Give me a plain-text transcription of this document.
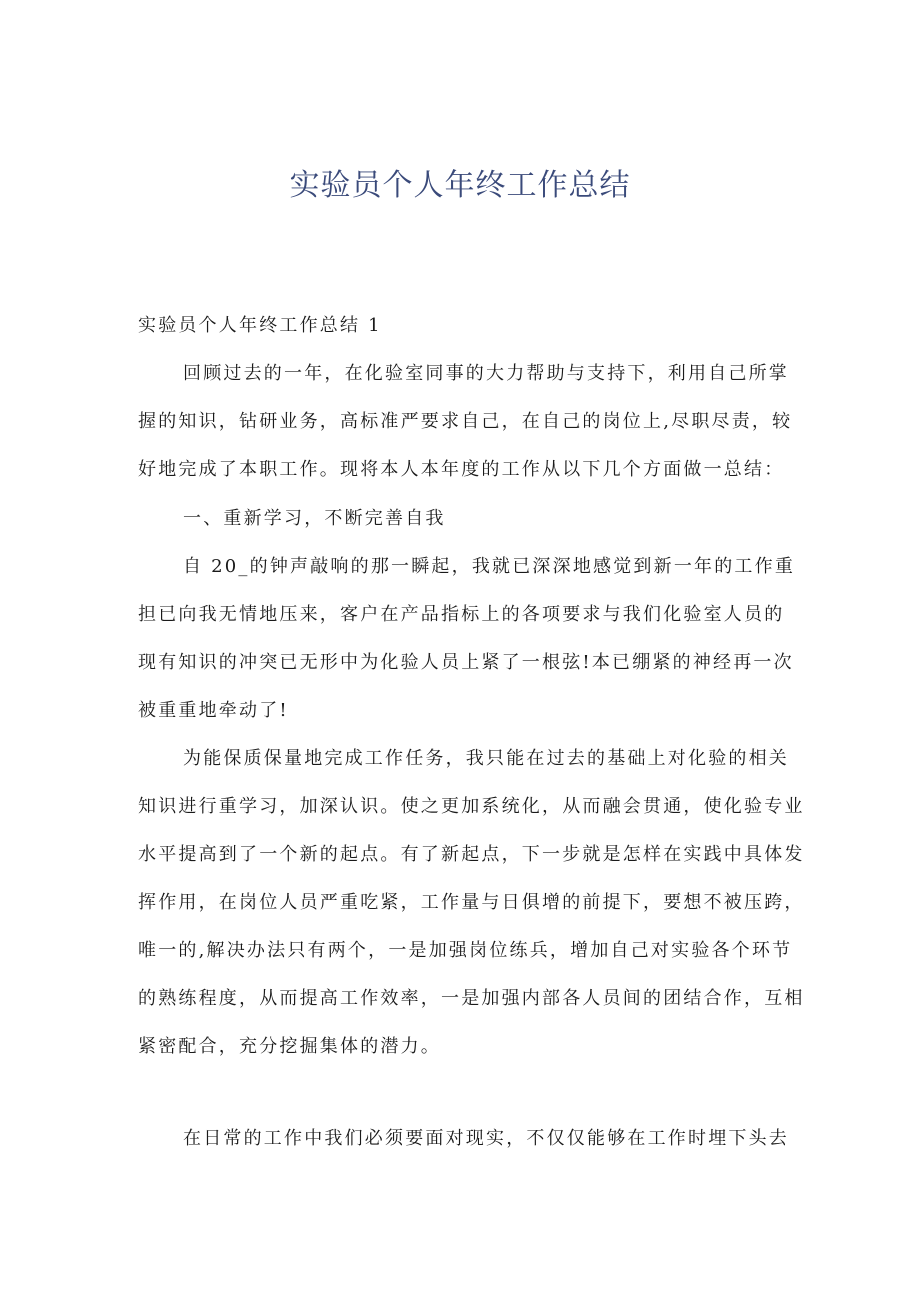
实验员个人年终工作总结
实验员个人年终工作总结 1
回顾过去的一年，在化验室同事的大力帮助与支持下，利用自己所掌
握的知识，钻研业务，高标准严要求自己，在自己的岗位上,尽职尽责，较
好地完成了本职工作。现将本人本年度的工作从以下几个方面做一总结：
一、重新学习，不断完善自我
自 20_的钟声敲响的那一瞬起，我就已深深地感觉到新一年的工作重
担已向我无情地压来，客户在产品指标上的各项要求与我们化验室人员的
现有知识的冲突已无形中为化验人员上紧了一根弦!本已绷紧的神经再一次
被重重地牵动了!
为能保质保量地完成工作任务，我只能在过去的基础上对化验的相关
知识进行重学习，加深认识。使之更加系统化，从而融会贯通，使化验专业
水平提高到了一个新的起点。有了新起点，下一步就是怎样在实践中具体发
挥作用，在岗位人员严重吃紧，工作量与日俱增的前提下，要想不被压跨，
唯一的,解决办法只有两个，一是加强岗位练兵，增加自己对实验各个环节
的熟练程度，从而提高工作效率，一是加强内部各人员间的团结合作，互相
紧密配合，充分挖掘集体的潜力。
在日常的工作中我们必须要面对现实，不仅仅能够在工作时埋下头去
